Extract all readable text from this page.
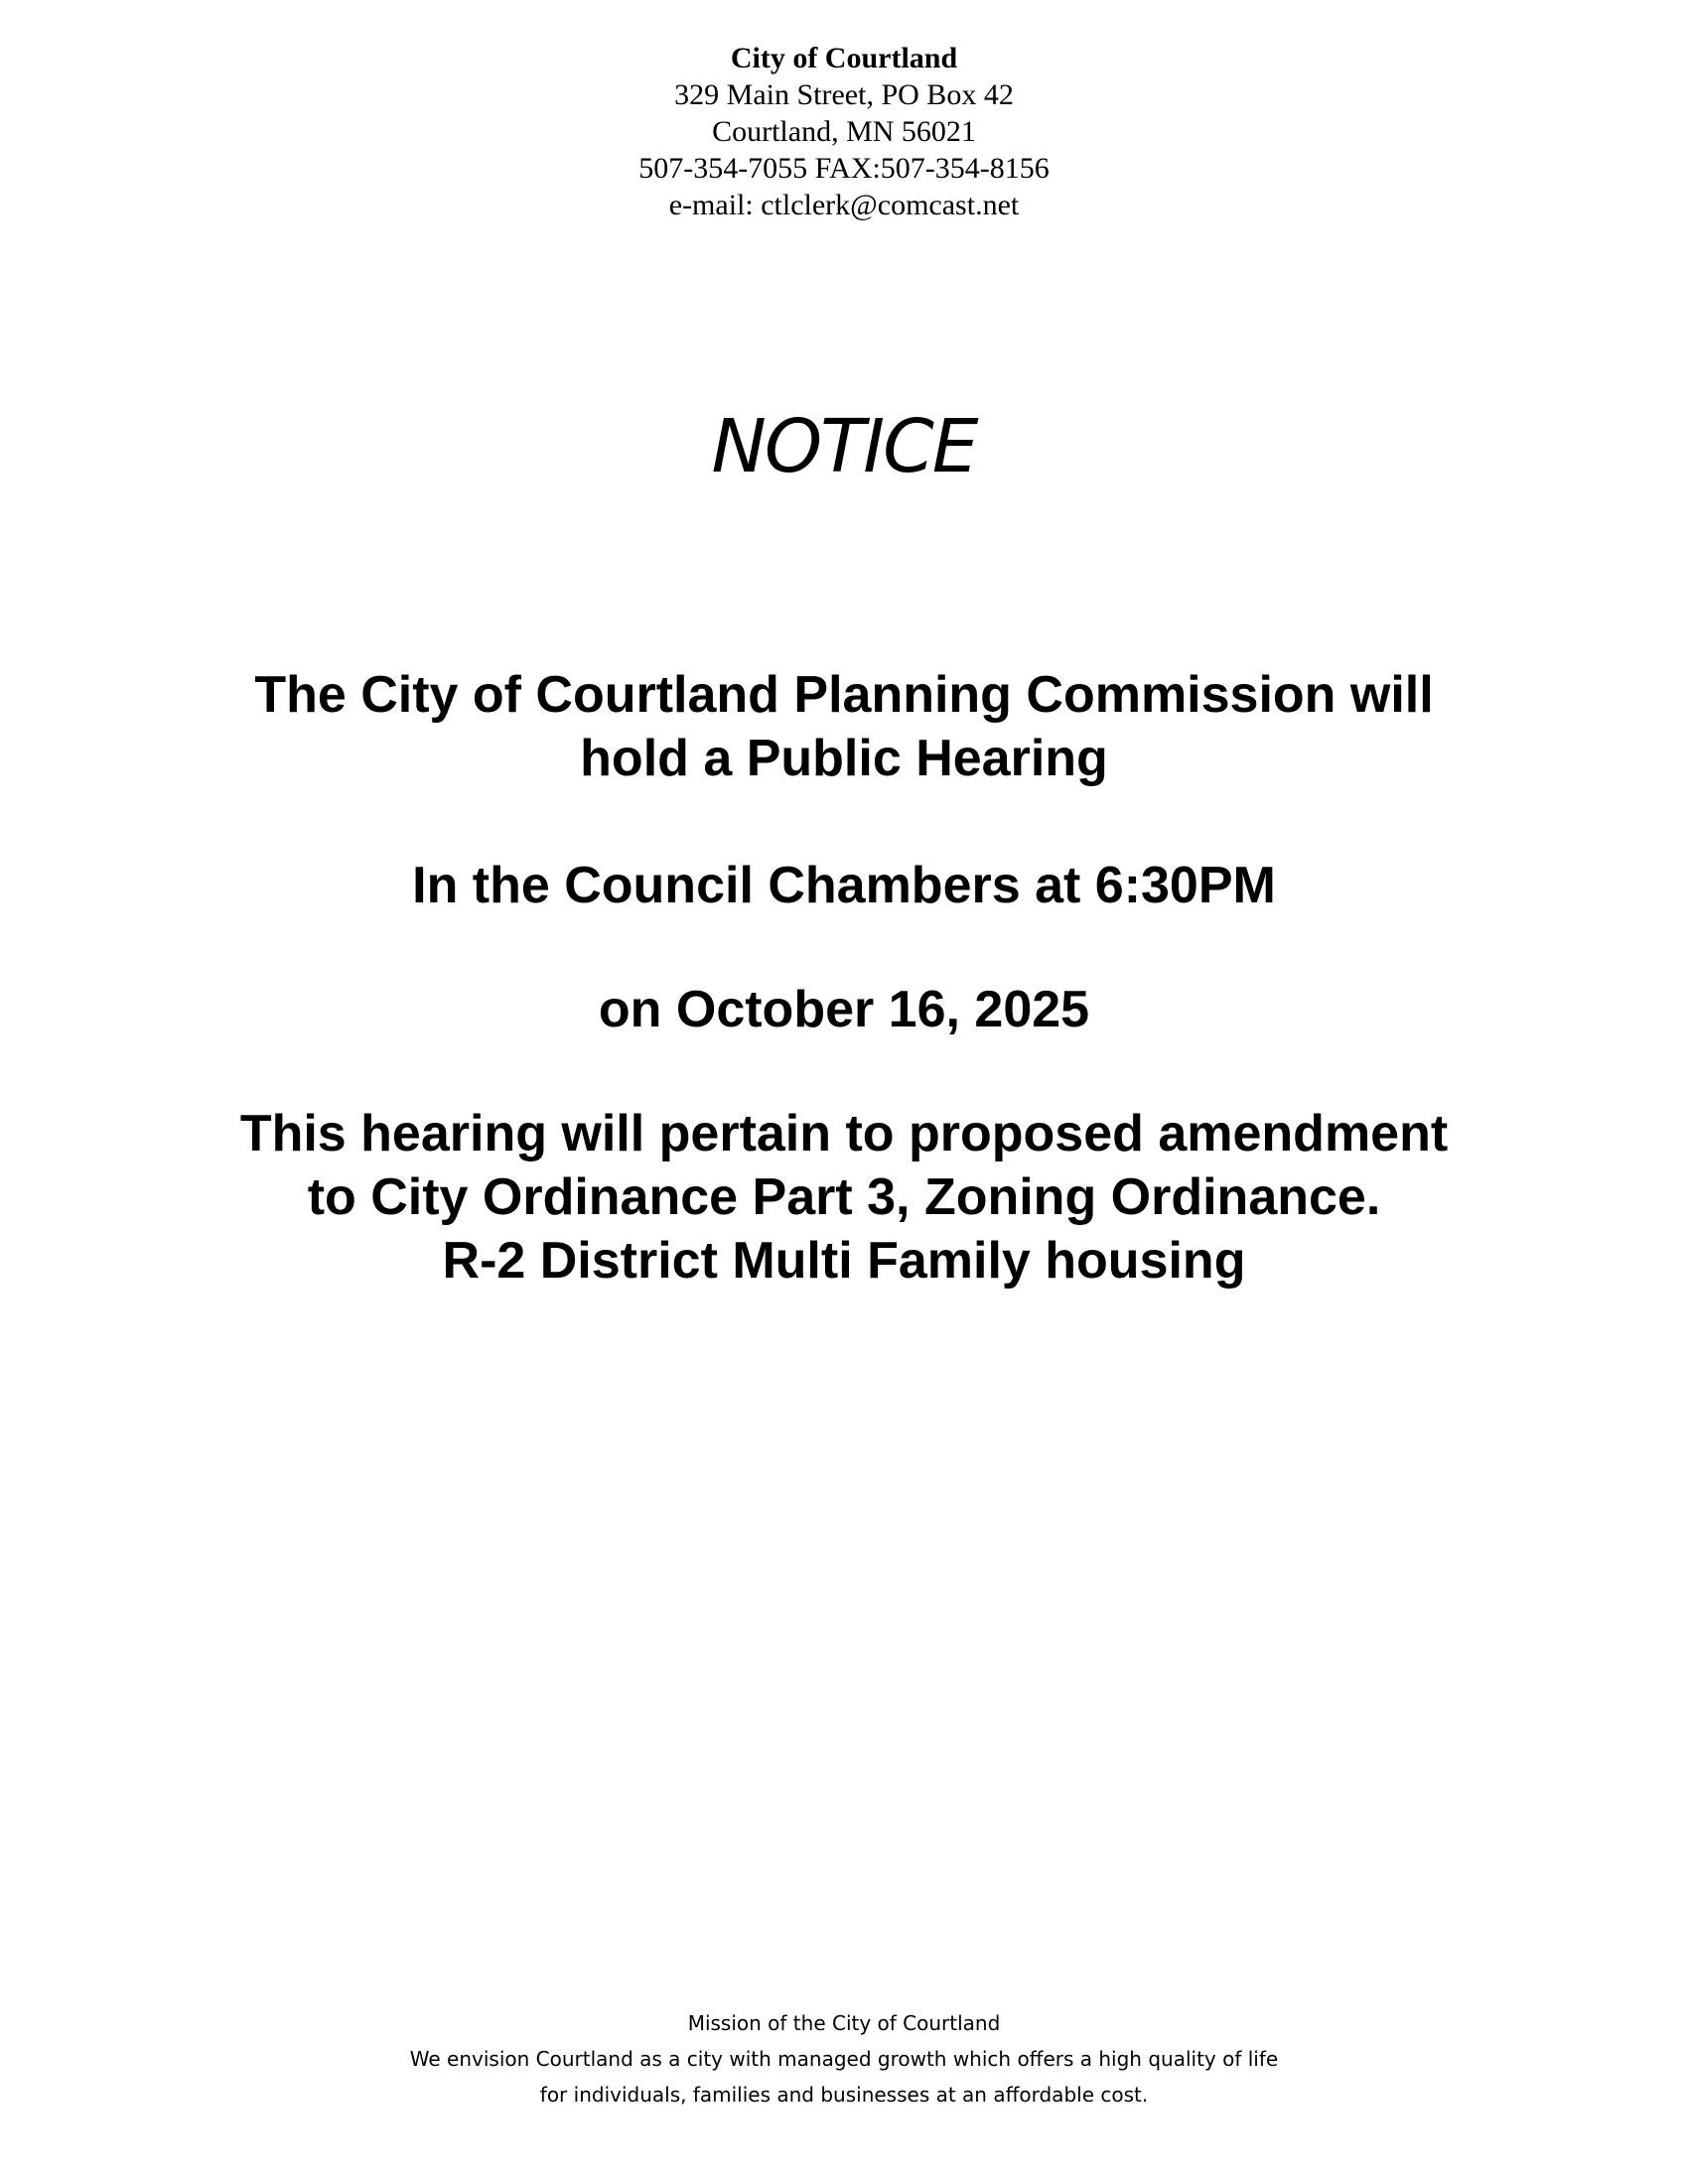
City of Courtland
329 Main Street, PO Box 42
Courtland, MN 56021
507-354-7055 FAX:507-354-8156
e-mail: ctlclerk@comcast.net
NOTICE
The City of Courtland Planning Commission will
hold a Public Hearing
In the Council Chambers at 6:30PM
on October 16, 2025
This hearing will pertain to proposed amendment
to City Ordinance Part 3, Zoning Ordinance.
R-2 District Multi Family housing
Mission of the City of Courtland
We envision Courtland as a city with managed growth which offers a high quality of life
for individuals, families and businesses at an affordable cost.
